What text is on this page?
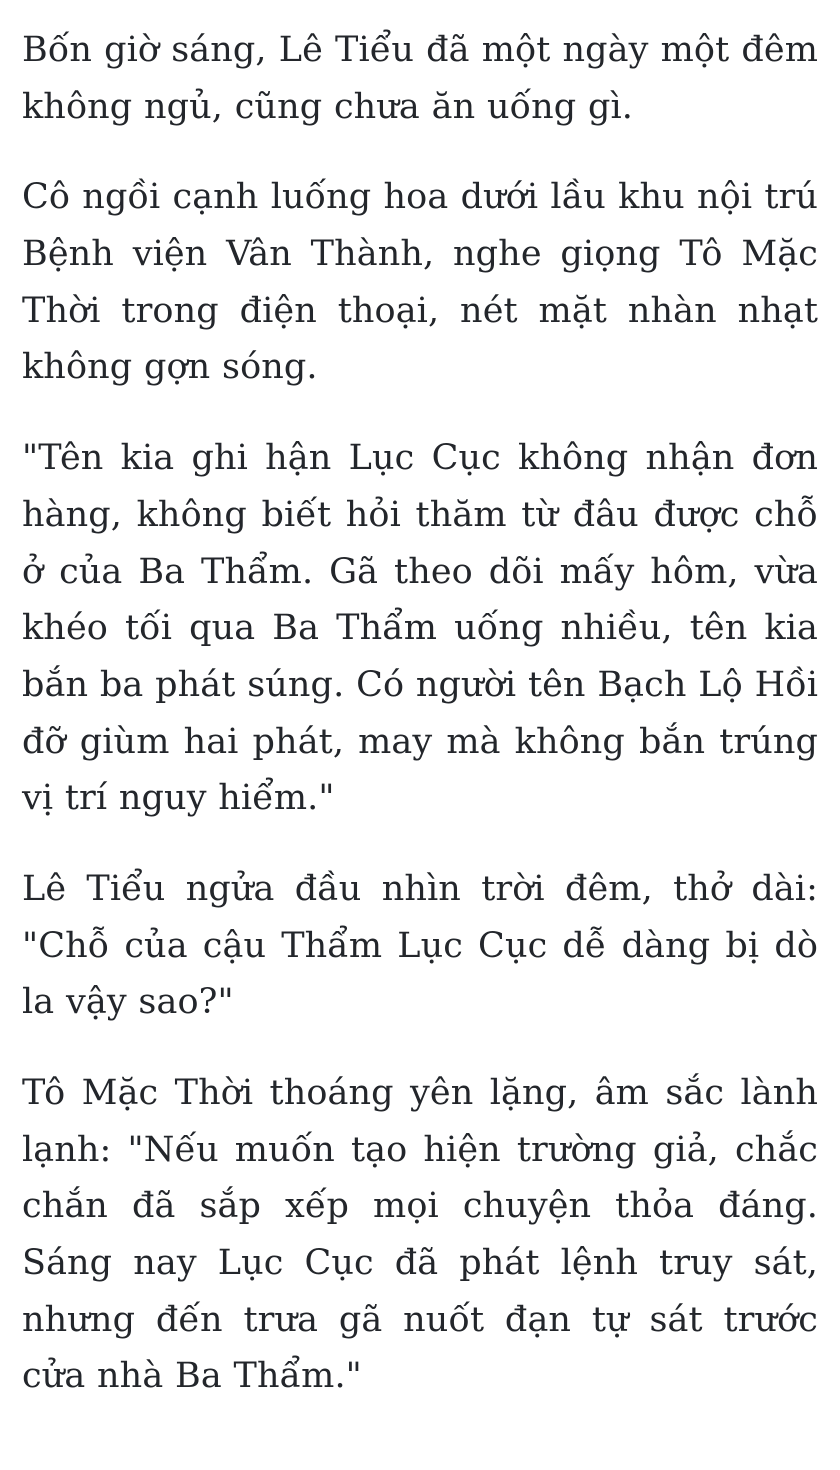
Bốn giờ sáng, Lê Tiểu đã một ngày một đêm không ngủ, cũng chưa ăn uống gì.

Cô ngồi cạnh luống hoa dưới lầu khu nội trú Bệnh viện Vân Thành, nghe giọng Tô Mặc Thời trong điện thoại, nét mặt nhàn nhạt không gợn sóng.

"Tên kia ghi hận Lục Cục không nhận đơn hàng, không biết hỏi thăm từ đâu được chỗ ở của Ba Thẩm. Gã theo dõi mấy hôm, vừa khéo tối qua Ba Thẩm uống nhiều, tên kia bắn ba phát súng. Có người tên Bạch Lộ Hồi đỡ giùm hai phát, may mà không bắn trúng vị trí nguy hiểm."

Lê Tiểu ngửa đầu nhìn trời đêm, thở dài: "Chỗ của cậu Thẩm Lục Cục dễ dàng bị dò la vậy sao?"

Tô Mặc Thời thoáng yên lặng, âm sắc lành lạnh: "Nếu muốn tạo hiện trường giả, chắc chắn đã sắp xếp mọi chuyện thỏa đáng. Sáng nay Lục Cục đã phát lệnh truy sát, nhưng đến trưa gã nuốt đạn tự sát trước cửa nhà Ba Thẩm."
